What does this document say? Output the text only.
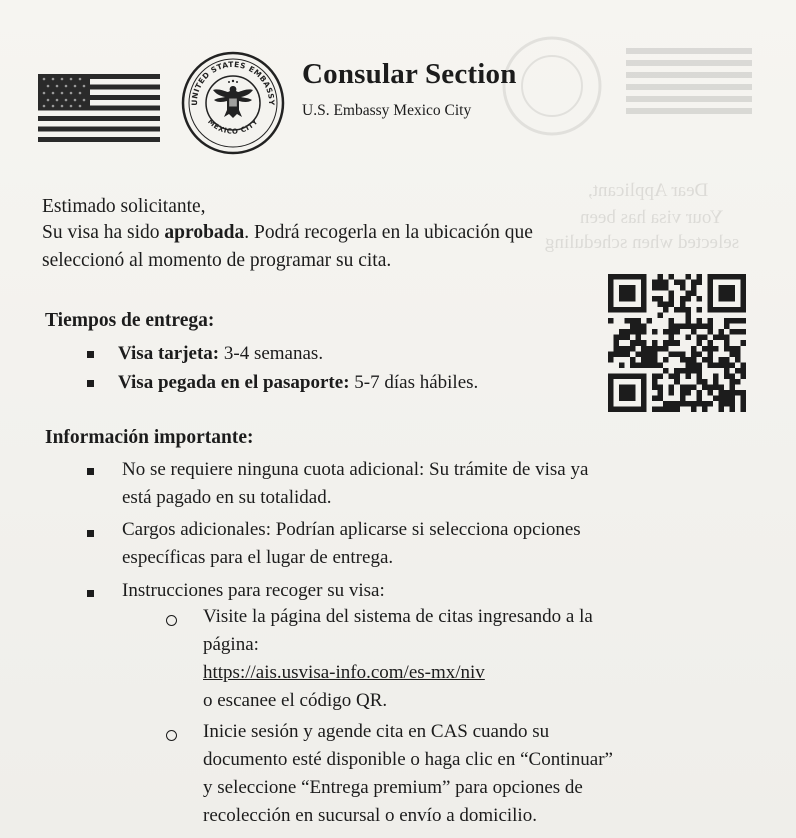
Dear Applicant,
Your visa has been
selected when scheduling
UNITED STATES EMBASSY
MEXICO CITY
Consular Section
U.S. Embassy Mexico City
Estimado solicitante,
Su visa ha sido aprobada. Podrá recogerla en la ubicación que
seleccionó al momento de programar su cita.
Tiempos de entrega:
Visa tarjeta: 3-4 semanas.
Visa pegada en el pasaporte: 5-7 días hábiles.
Información importante:
No se requiere ninguna cuota adicional: Su trámite de visa ya
está pagado en su totalidad.
Cargos adicionales: Podrían aplicarse si selecciona opciones
específicas para el lugar de entrega.
Instrucciones para recoger su visa:
Visite la página del sistema de citas ingresando a la
página:
https://ais.usvisa-info.com/es-mx/niv
o escanee el código QR.
Inicie sesión y agende cita en CAS cuando su
documento esté disponible o haga clic en “Continuar”
y seleccione “Entrega premium” para opciones de
recolección en sucursal o envío a domicilio.
